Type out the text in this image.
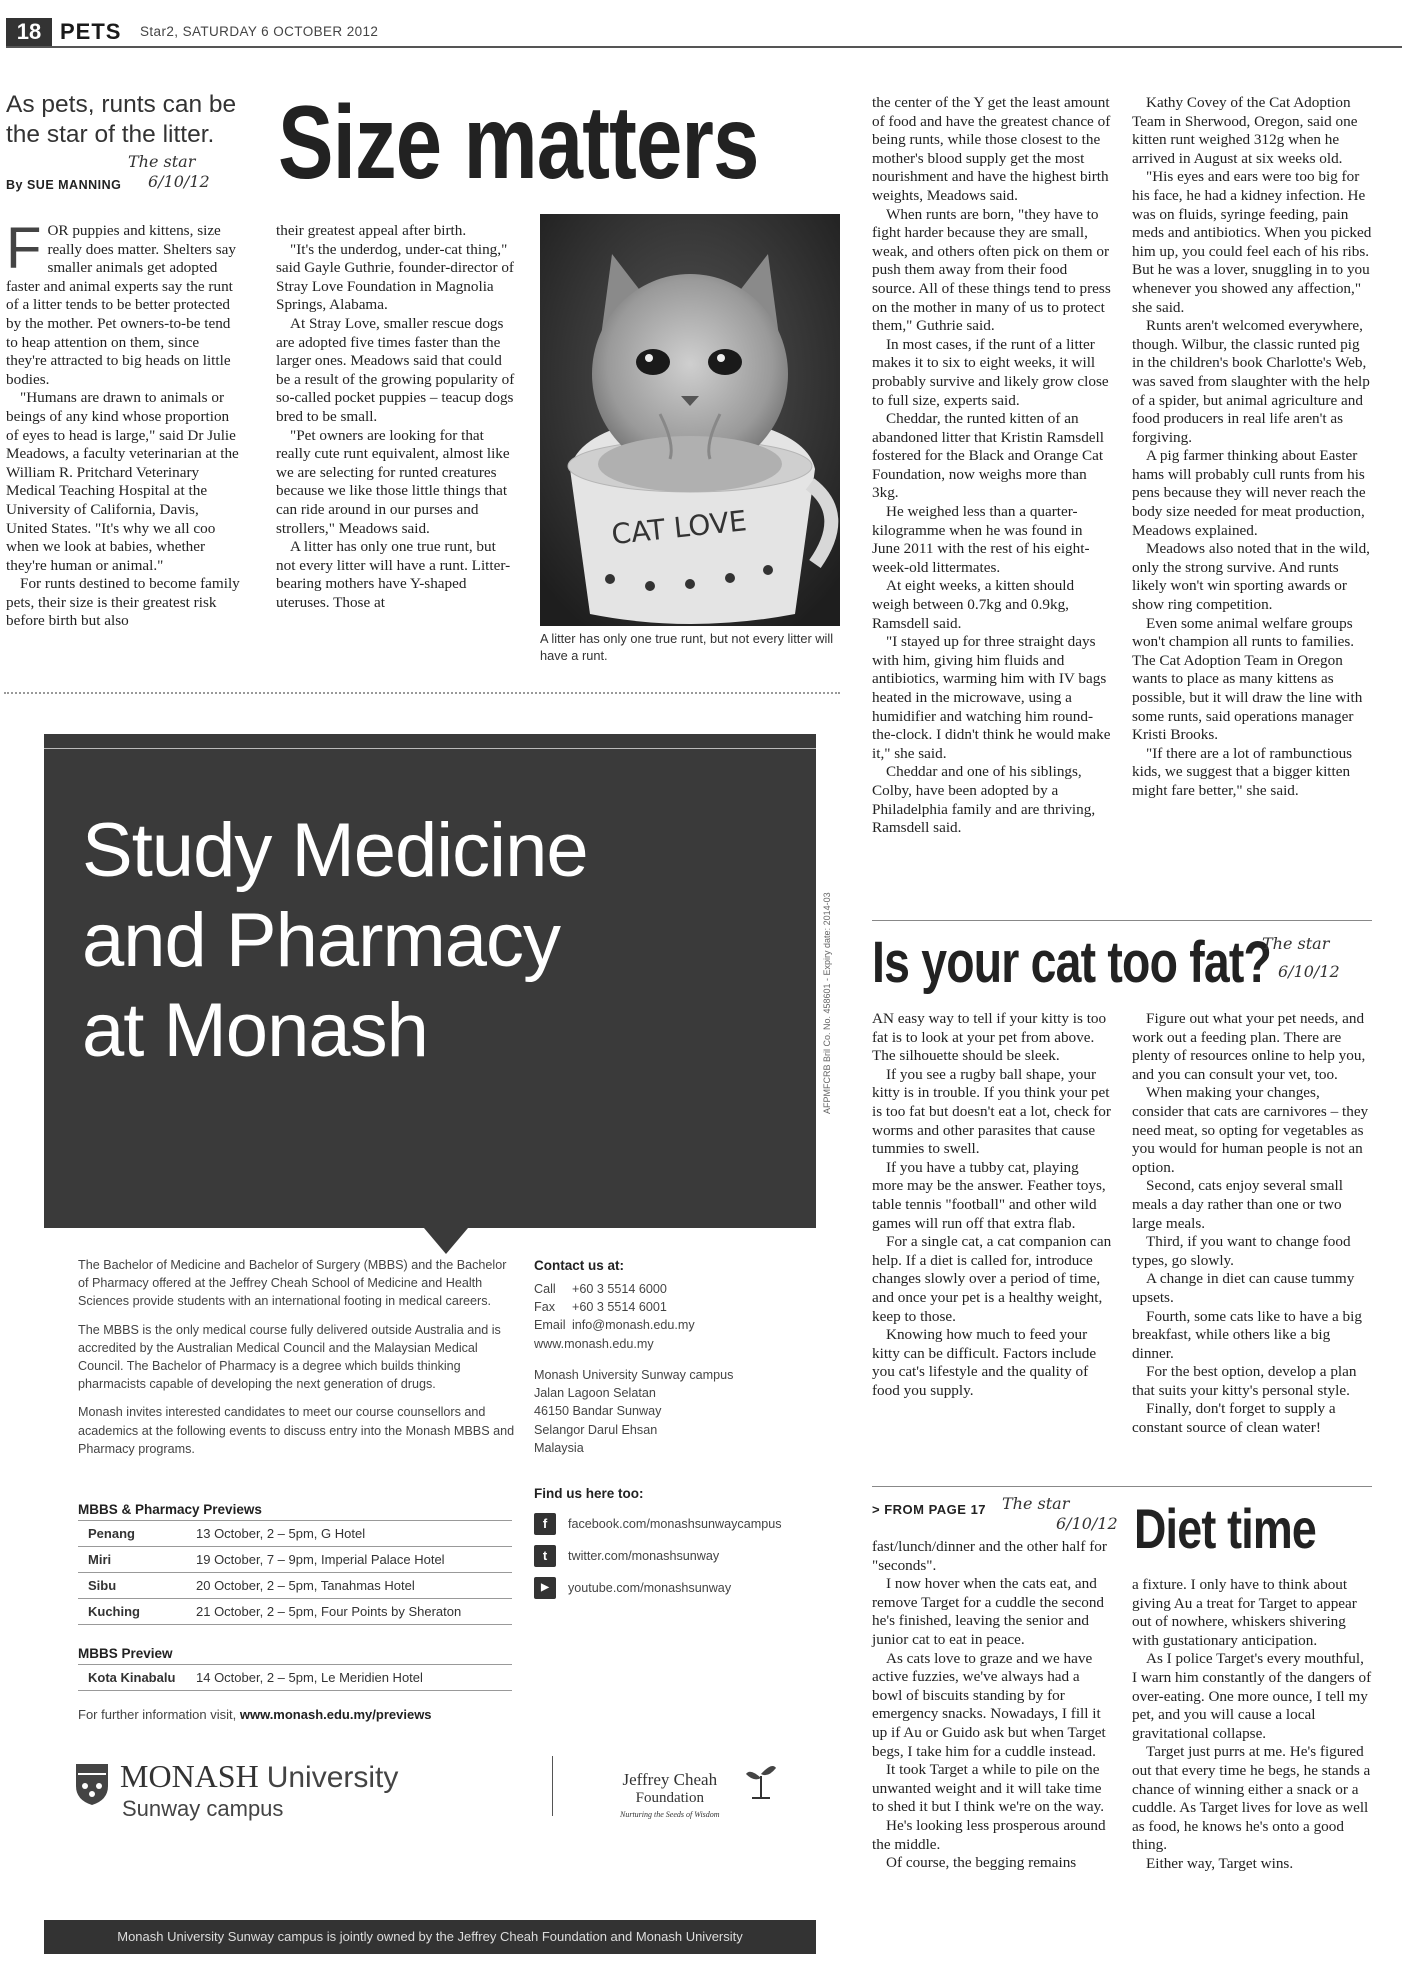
18 PETS Star2, SATURDAY 6 OCTOBER 2012
As pets, runts can be
the star of the litter.
By SUE MANNING
The star
6/10/12 Size matters

FOR puppies and kittens, size really does matter. Shelters say smaller animals get adopted faster and animal experts say the runt of a litter tends to be better protected by the mother. Pet owners-to-be tend to heap attention on them, since they're attracted to big heads on little bodies.

"Humans are drawn to animals or beings of any kind whose proportion of eyes to head is large," said Dr Julie Meadows, a faculty veterinarian at the William R. Pritchard Veterinary Medical Teaching Hospital at the University of California, Davis, United States. "It's why we all coo when we look at babies, whether they're human or animal."

For runts destined to become family pets, their size is their greatest risk before birth but also

their greatest appeal after birth.

"It's the underdog, under-cat thing," said Gayle Guthrie, founder-director of Stray Love Foundation in Magnolia Springs, Alabama.

At Stray Love, smaller rescue dogs are adopted five times faster than the larger ones. Meadows said that could be a result of the growing popularity of so-called pocket puppies – teacup dogs bred to be small.

"Pet owners are looking for that really cute runt equivalent, almost like we are selecting for runted creatures because we like those little things that can ride around in our purses and strollers," Meadows said.

A litter has only one true runt, but not every litter will have a runt. Litter-bearing mothers have Y-shaped uteruses. Those at

CAT LOVE
A litter has only one true runt, but not every litter will have a runt.

the center of the Y get the least amount of food and have the greatest chance of being runts, while those closest to the mother's blood supply get the most nourishment and have the highest birth weights, Meadows said.

When runts are born, "they have to fight harder because they are small, weak, and others often pick on them or push them away from their food source. All of these things tend to press on the mother in many of us to protect them," Guthrie said.

In most cases, if the runt of a litter makes it to six to eight weeks, it will probably survive and likely grow close to full size, experts said.

Cheddar, the runted kitten of an abandoned litter that Kristin Ramsdell fostered for the Black and Orange Cat Foundation, now weighs more than 3kg.

He weighed less than a quarter-kilogramme when he was found in June 2011 with the rest of his eight-week-old littermates.

At eight weeks, a kitten should weigh between 0.7kg and 0.9kg, Ramsdell said.

"I stayed up for three straight days with him, giving him fluids and antibiotics, warming him with IV bags heated in the microwave, using a humidifier and watching him round-the-clock. I didn't think he would make it," she said.

Cheddar and one of his siblings, Colby, have been adopted by a Philadelphia family and are thriving, Ramsdell said.

Kathy Covey of the Cat Adoption Team in Sherwood, Oregon, said one kitten runt weighed 312g when he arrived in August at six weeks old.

"His eyes and ears were too big for his face, he had a kidney infection. He was on fluids, syringe feeding, pain meds and antibiotics. When you picked him up, you could feel each of his ribs. But he was a lover, snuggling in to you whenever you showed any affection," she said.

Runts aren't welcomed everywhere, though. Wilbur, the classic runted pig in the children's book Charlotte's Web, was saved from slaughter with the help of a spider, but animal agriculture and food producers in real life aren't as forgiving.

A pig farmer thinking about Easter hams will probably cull runts from his pens because they will never reach the body size needed for meat production, Meadows explained.

Meadows also noted that in the wild, only the strong survive. And runts likely won't win sporting awards or show ring competition.

Even some animal welfare groups won't champion all runts to families. The Cat Adoption Team in Oregon wants to place as many kittens as possible, but it will draw the line with some runts, said operations manager Kristi Brooks.

"If there are a lot of rambunctious kids, we suggest that a bigger kitten might fare better," she said.

Is your cat too fat?
The star
6/10/12

AN easy way to tell if your kitty is too fat is to look at your pet from above. The silhouette should be sleek.

If you see a rugby ball shape, your kitty is in trouble. If you think your pet is too fat but doesn't eat a lot, check for worms and other parasites that cause tummies to swell.

If you have a tubby cat, playing more may be the answer. Feather toys, table tennis "football" and other wild games will run off that extra flab.

For a single cat, a cat companion can help. If a diet is called for, introduce changes slowly over a period of time, and once your pet is a healthy weight, keep to those.

Knowing how much to feed your kitty can be difficult. Factors include you cat's lifestyle and the quality of food you supply.

Figure out what your pet needs, and work out a feeding plan. There are plenty of resources online to help you, and you can consult your vet, too.

When making your changes, consider that cats are carnivores – they need meat, so opting for vegetables as you would for human people is not an option.

Second, cats enjoy several small meals a day rather than one or two large meals.

Third, if you want to change food types, go slowly.

A change in diet can cause tummy upsets.

Fourth, some cats like to have a big breakfast, while others like a big dinner.

For the best option, develop a plan that suits your kitty's personal style.

Finally, don't forget to supply a constant source of clean water!

> FROM PAGE 17 The star
6/10/12 Diet time

fast/lunch/dinner and the other half for "seconds".

I now hover when the cats eat, and remove Target for a cuddle the second he's finished, leaving the senior and junior cat to eat in peace.

As cats love to graze and we have active fuzzies, we've always had a bowl of biscuits standing by for emergency snacks. Nowadays, I fill it up if Au or Guido ask but when Target begs, I take him for a cuddle instead.

It took Target a while to pile on the unwanted weight and it will take time to shed it but I think we're on the way.

He's looking less prosperous around the middle.

Of course, the begging remains

a fixture. I only have to think about giving Au a treat for Target to appear out of nowhere, whiskers shivering with gustationary anticipation.

As I police Target's every mouthful, I warn him constantly of the dangers of over-eating. One more ounce, I tell my pet, and you will cause a local gravitational collapse.

Target just purrs at me. He's figured out that every time he begs, he stands a chance of winning either a snack or a cuddle. As Target lives for love as well as food, he knows he's onto a good thing.

Either way, Target wins.

Study Medicine
and Pharmacy
at Monash	AFPMFCRB Bril Co. No. 458601 - Expiry date: 2014-03

The Bachelor of Medicine and Bachelor of Surgery (MBBS) and the Bachelor of Pharmacy offered at the Jeffrey Cheah School of Medicine and Health Sciences provide students with an international footing in medical careers.

The MBBS is the only medical course fully delivered outside Australia and is accredited by the Australian Medical Council and the Malaysian Medical Council. The Bachelor of Pharmacy is a degree which builds thinking pharmacists capable of developing the next generation of drugs.

Monash invites interested candidates to meet our course counsellors and academics at the following events to discuss entry into the Monash MBBS and Pharmacy programs.

MBBS & Pharmacy Previews
Penang	13 October, 2 – 5pm, G Hotel
Miri	19 October, 7 – 9pm, Imperial Palace Hotel
Sibu	20 October, 2 – 5pm, Tanahmas Hotel
Kuching	21 October, 2 – 5pm, Four Points by Sheraton
MBBS Preview
Kota Kinabalu	14 October, 2 – 5pm, Le Meridien Hotel
For further information visit, www.monash.edu.my/previews
Contact us at:
Call +60 3 5514 6000
Fax +60 3 5514 6001
Email info@monash.edu.my
www.monash.edu.my
Monash University Sunway campus
Jalan Lagoon Selatan
46150 Bandar Sunway
Selangor Darul Ehsan
Malaysia
Find us here too:
f	facebook.com/monashsunwaycampus
t	twitter.com/monashsunway
▶	youtube.com/monashsunway
MONASH University
Sunway campus
Jeffrey Cheah
Foundation
Nurturing the Seeds of Wisdom
Monash University Sunway campus is jointly owned by the Jeffrey Cheah Foundation and Monash University
